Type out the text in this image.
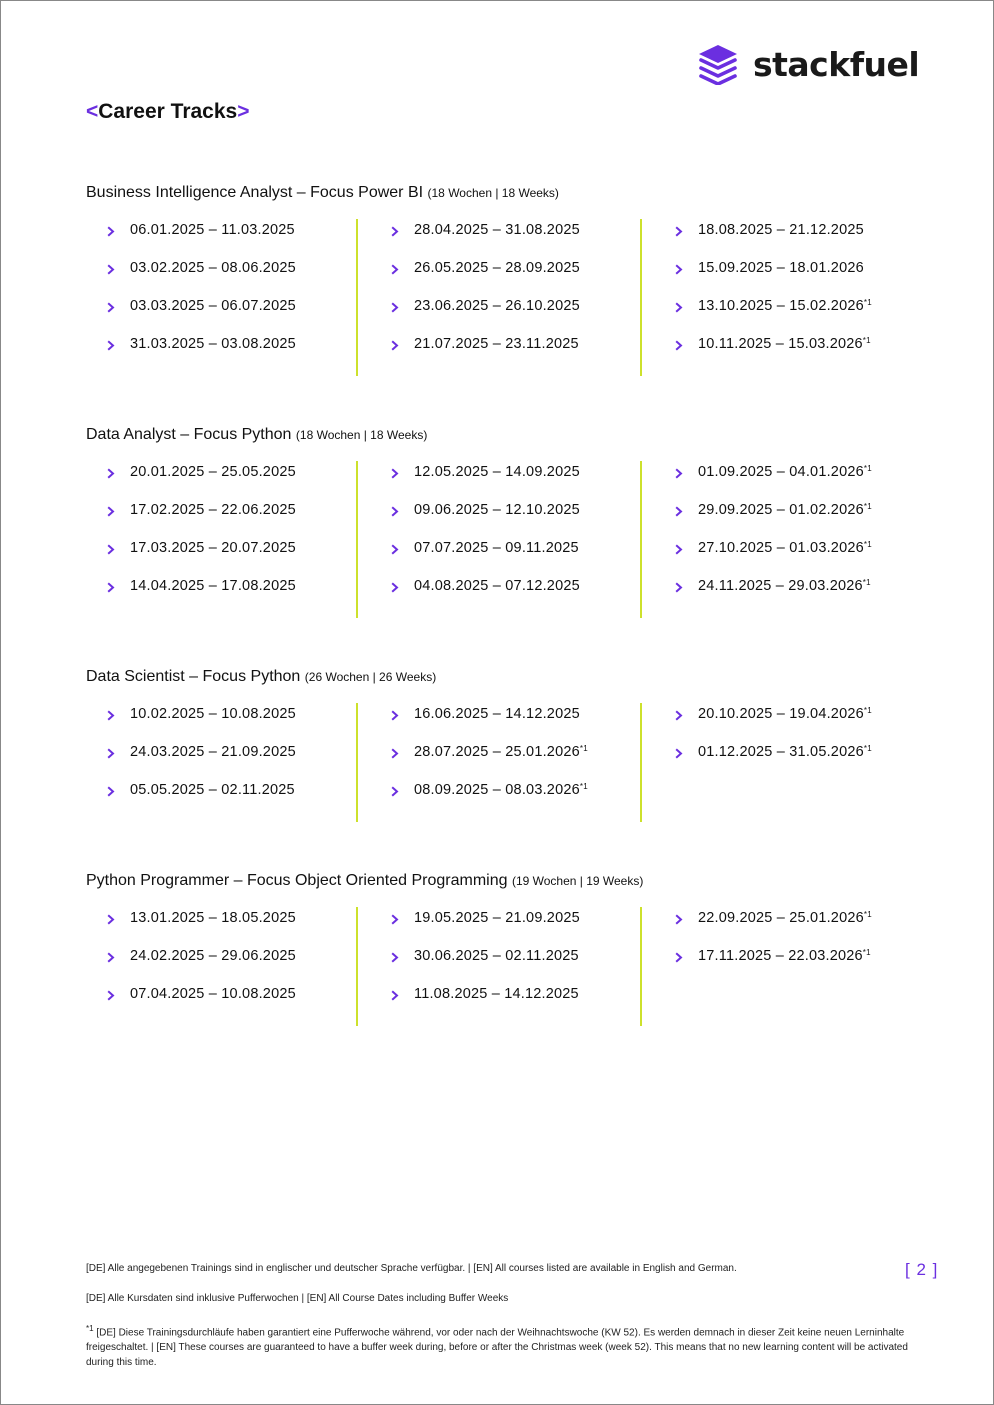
stackfuel
<Career Tracks>
Business Intelligence Analyst – Focus Power BI (18 Wochen | 18 Weeks)
06.01.2025 – 11.03.2025
03.02.2025 – 08.06.2025
03.03.2025 – 06.07.2025
31.03.2025 – 03.08.2025
28.04.2025 – 31.08.2025
26.05.2025 – 28.09.2025
23.06.2025 – 26.10.2025
21.07.2025 – 23.11.2025
18.08.2025 – 21.12.2025
15.09.2025 – 18.01.2026
13.10.2025 – 15.02.2026 *1
10.11.2025 – 15.03.2026 *1
Data Analyst – Focus Python (18 Wochen | 18 Weeks)
20.01.2025 – 25.05.2025
17.02.2025 – 22.06.2025
17.03.2025 – 20.07.2025
14.04.2025 – 17.08.2025
12.05.2025 – 14.09.2025
09.06.2025 – 12.10.2025
07.07.2025 – 09.11.2025
04.08.2025 – 07.12.2025
01.09.2025 – 04.01.2026 *1
29.09.2025 – 01.02.2026 *1
27.10.2025 – 01.03.2026 *1
24.11.2025 – 29.03.2026 *1
Data Scientist – Focus Python (26 Wochen | 26 Weeks)
10.02.2025 – 10.08.2025
24.03.2025 – 21.09.2025
05.05.2025 – 02.11.2025
16.06.2025 – 14.12.2025
28.07.2025 – 25.01.2026 *1
08.09.2025 – 08.03.2026 *1
20.10.2025 – 19.04.2026 *1
01.12.2025 – 31.05.2026 *1
Python Programmer – Focus Object Oriented Programming (19 Wochen | 19 Weeks)
13.01.2025 – 18.05.2025
24.02.2025 – 29.06.2025
07.04.2025 – 10.08.2025
19.05.2025 – 21.09.2025
30.06.2025 – 02.11.2025
11.08.2025 – 14.12.2025
22.09.2025 – 25.01.2026 *1
17.11.2025 – 22.03.2026 *1
[DE] Alle angegebenen Trainings sind in englischer und deutscher Sprache verfügbar. | [EN] All courses listed are available in English and German.
[DE] Alle Kursdaten sind inklusive Pufferwochen | [EN] All Course Dates including Buffer Weeks
$^{*1}$ [DE] Diese Trainingsdurchläufe haben garantiert eine Pufferwoche während, vor oder nach der Weihnachtswoche (KW 52). Es werden demnach in dieser Zeit keine neuen Lerninhalte freigeschaltet. | [EN] These courses are guaranteed to have a buffer week during, before or after the Christmas week (week 52). This means that no new learning content will be activated during this time.
[ 2 ]
